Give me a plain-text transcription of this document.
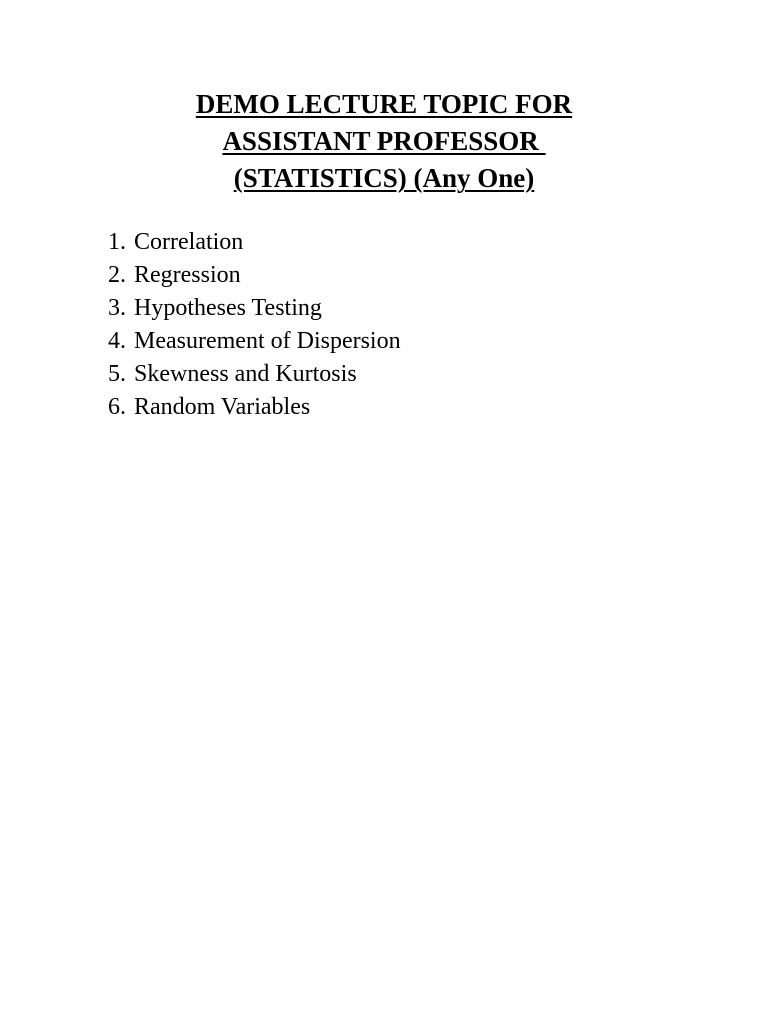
DEMO LECTURE TOPIC FOR
ASSISTANT PROFESSOR
(STATISTICS) (Any One)
1. Correlation
2. Regression
3. Hypotheses Testing
4. Measurement of Dispersion
5. Skewness and Kurtosis
6. Random Variables
